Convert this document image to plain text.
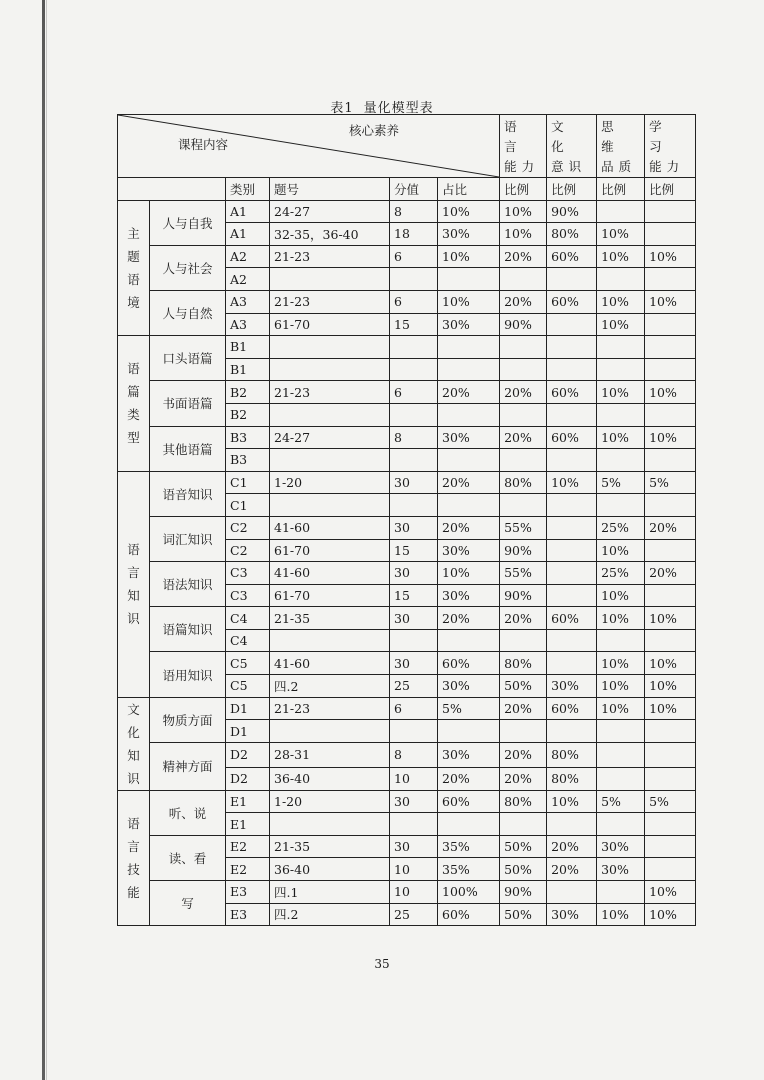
表1 量化模型表
核心素养
课程内容						语 言 能力	文 化 意识	思 维 品质	学 习 能力
		类别	题号	分值	占比	比例	比例	比例	比例

主
题
语
境	人与自我	A1	24-27	8	10%	10%	90%		
		A1	32-35，36-40	18	30%	10%	80%	10%	
	人与社会	A2	21-23	6	10%	20%	60%	10%	10%
		A2							
	人与自然	A3	21-23	6	10%	20%	60%	10%	10%
		A3	61-70	15	30%	90%		10%	

语
篇
类
型	口头语篇	B1							
		B1							
	书面语篇	B2	21-23	6	20%	20%	60%	10%	10%
		B2							
	其他语篇	B3	24-27	8	30%	20%	60%	10%	10%
		B3							

语
言
知
识	语音知识	C1	1-20	30	20%	80%	10%	5%	5%
		C1							
	词汇知识	C2	41-60	30	20%	55%		25%	20%
		C2	61-70	15	30%	90%		10%	
	语法知识	C3	41-60	30	10%	55%		25%	20%
		C3	61-70	15	30%	90%		10%	
	语篇知识	C4	21-35	30	20%	20%	60%	10%	10%
		C4							
	语用知识	C5	41-60	30	60%	80%		10%	10%
		C5	四.2	25	30%	50%	30%	10%	10%

文
化
知
识	物质方面	D1	21-23	6	5%	20%	60%	10%	10%
		D1							
	精神方面	D2	28-31	8	30%	20%	80%		
		D2	36-40	10	20%	20%	80%		

语
言
技
能	听、说	E1	1-20	30	60%	80%	10%	5%	5%
		E1							
	读、看	E2	21-35	30	35%	50%	20%	30%	
		E2	36-40	10	35%	50%	20%	30%	
	写	E3	四.1	10	100%	90%			10%
		E3	四.2	25	60%	50%	30%	10%	10%
35
